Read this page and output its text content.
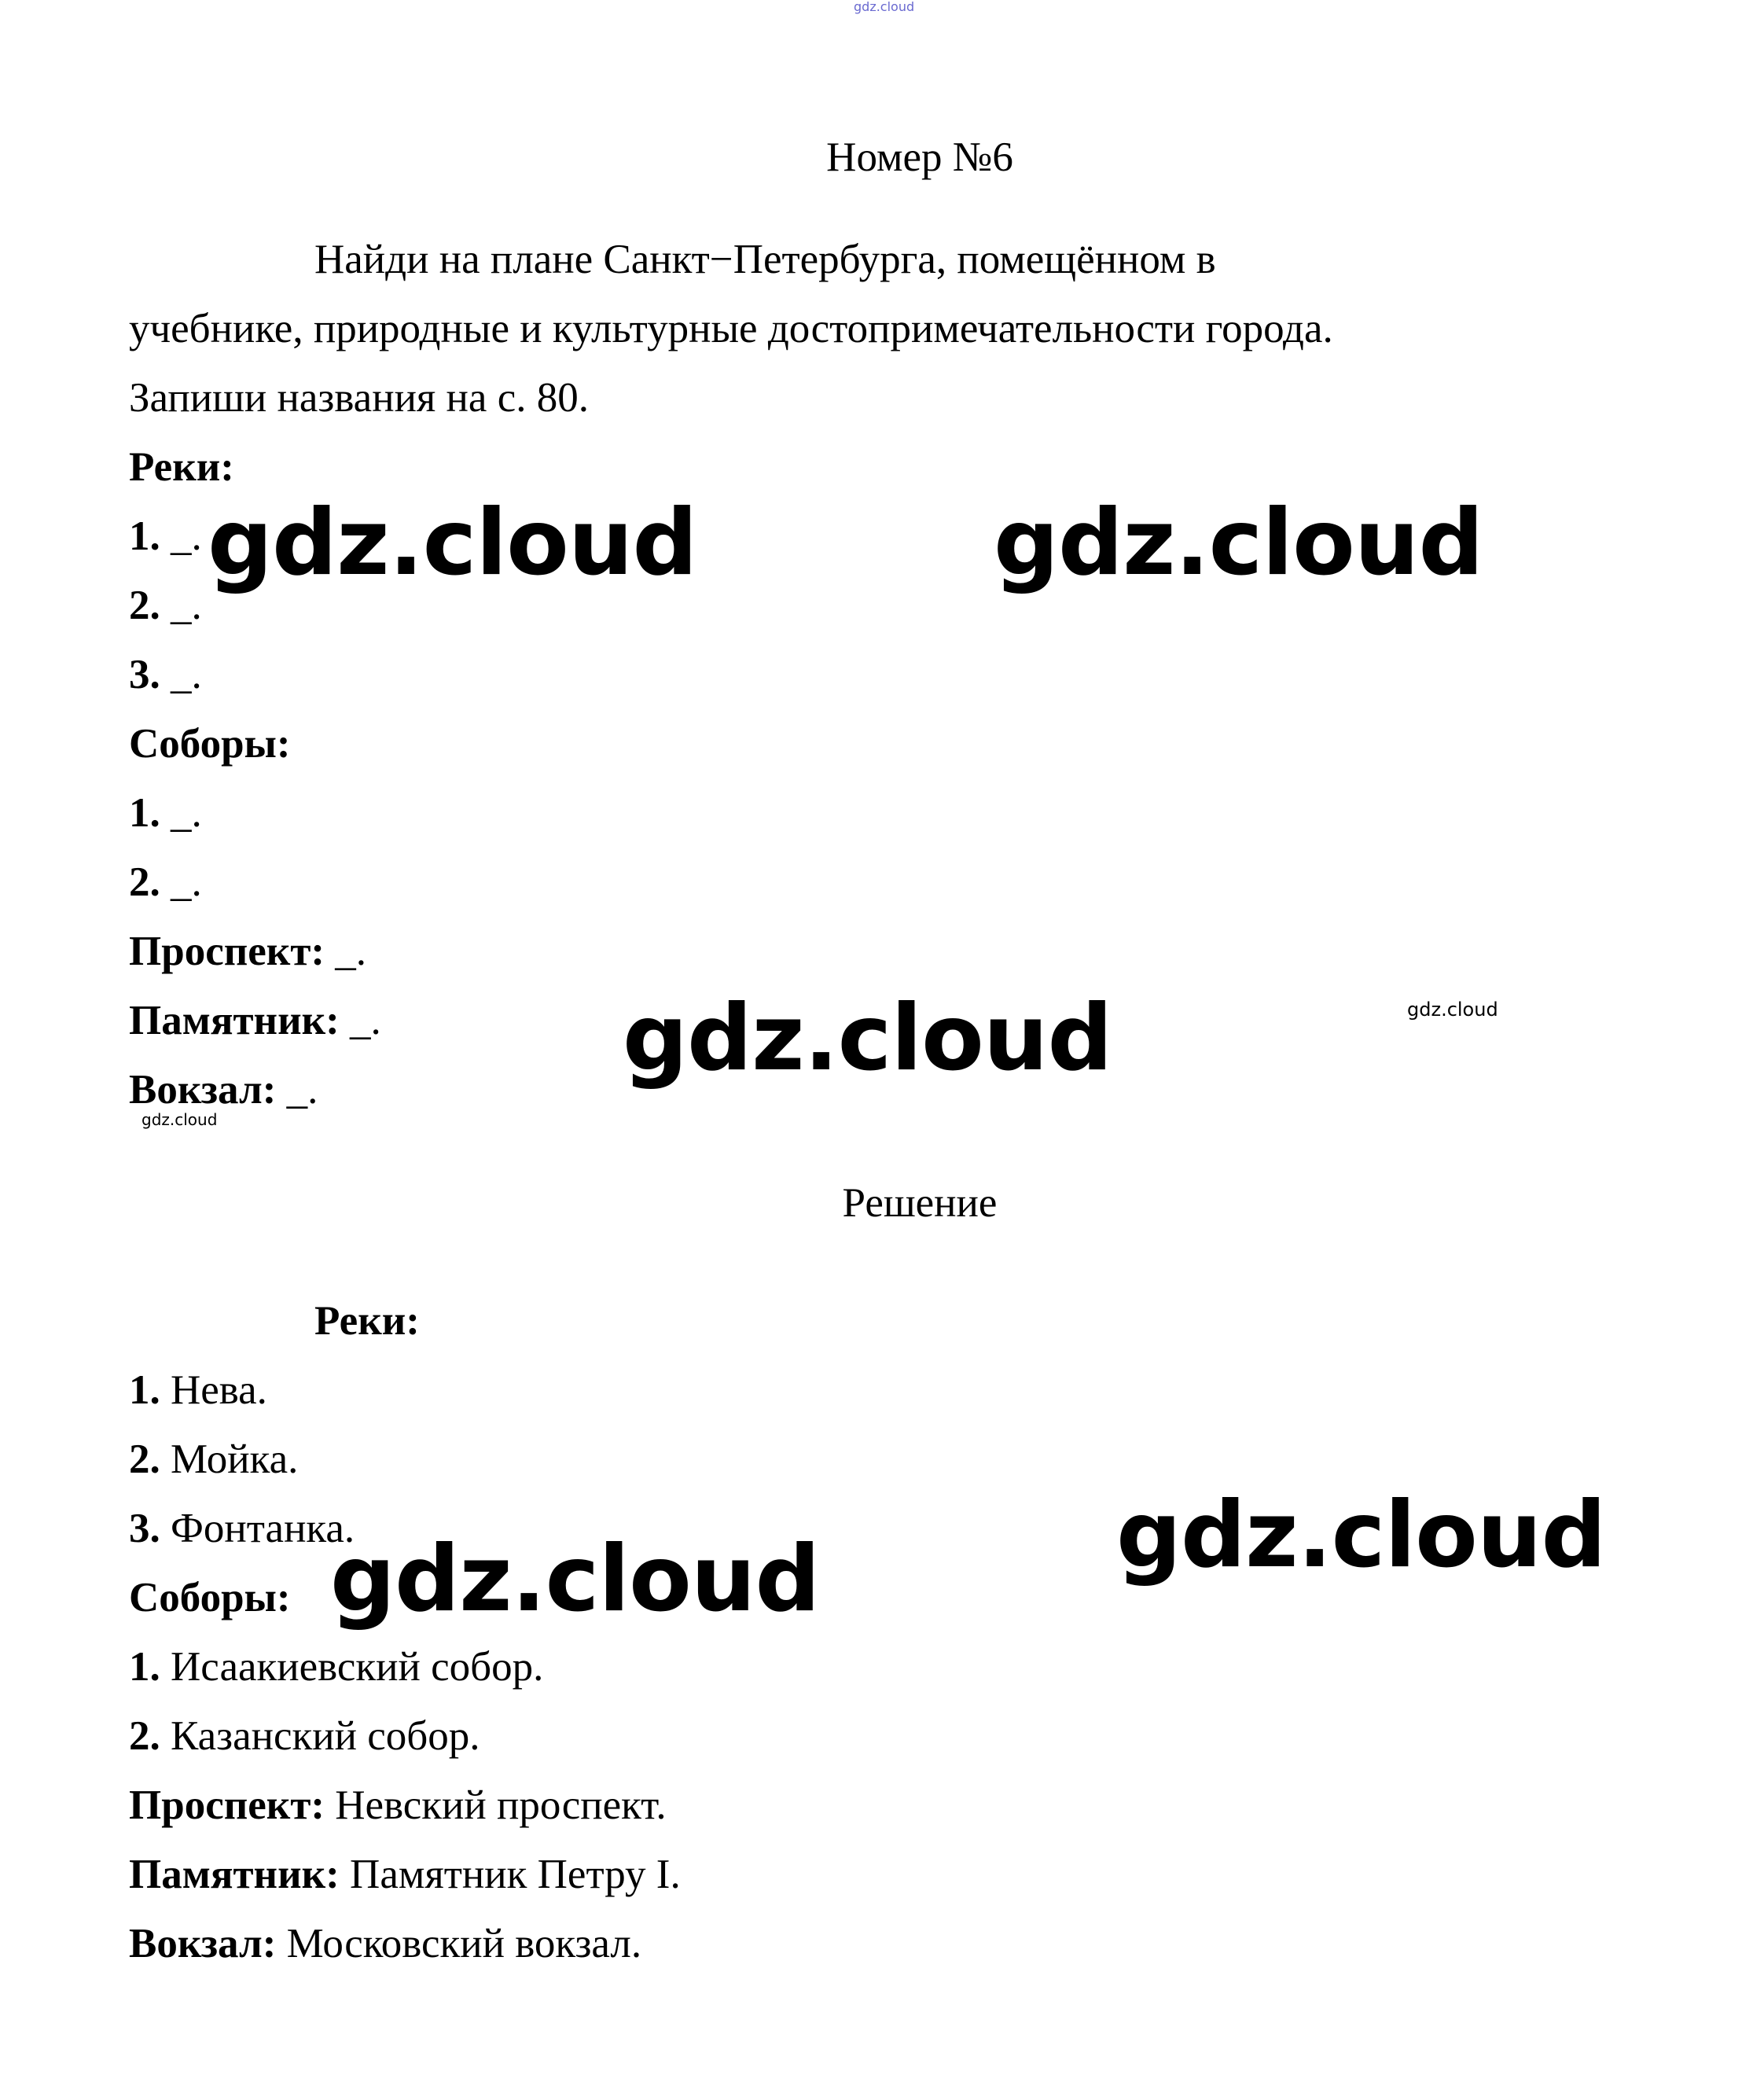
gdz.cloud
Номер №6
Найди на плане Санкт−Петербурга, помещённом в
учебнике, природные и культурные достопримечательности города.
Запиши названия на с. 80.
Реки:
1. _.
2. _.
3. _.
Соборы:
1. _.
2. _.
Проспект: _.
Памятник: _.
Вокзал: _.
Решение
Реки:
1. Нева.
2. Мойка.
3. Фонтанка.
Соборы:
1. Исаакиевский собор.
2. Казанский собор.
Проспект: Невский проспект.
Памятник: Памятник Петру I.
Вокзал: Московский вокзал.
gdz.cloud	gdz.cloud
gdz.cloud
gdz.cloud
gdz.cloud
gdz.cloud
gdz.cloud
